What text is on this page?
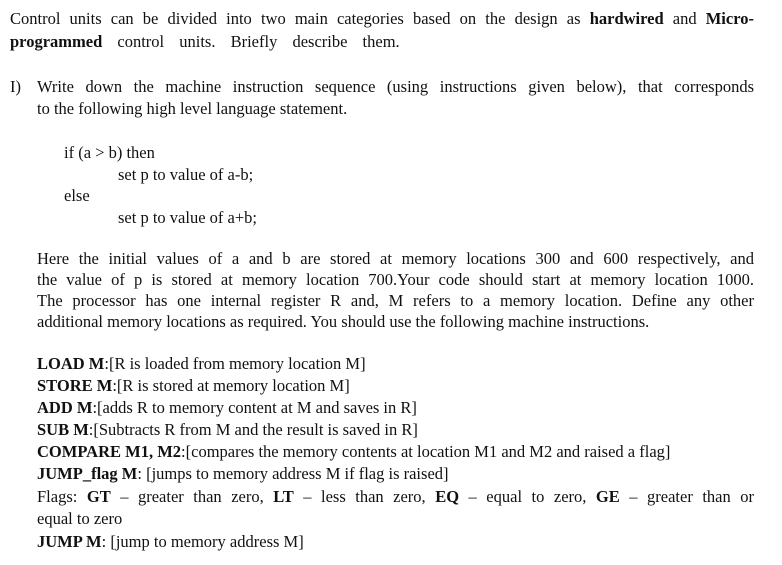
Control units can be divided into two main categories based on the design as hardwired and Micro-
programmed control units. Briefly describe them.
I) Write down the machine instruction sequence (using instructions given below), that corresponds
to the following high level language statement.
if (a > b) then
set p to value of a-b;
else
set p to value of a+b;
Here the initial values of a and b are stored at memory locations 300 and 600 respectively, and
the value of p is stored at memory location 700.Your code should start at memory location 1000.
The processor has one internal register R and, M refers to a memory location. Define any other
additional memory locations as required. You should use the following machine instructions.
LOAD M:[R is loaded from memory location M]
STORE M:[R is stored at memory location M]
ADD M:[adds R to memory content at M and saves in R]
SUB M:[Subtracts R from M and the result is saved in R]
COMPARE M1, M2:[compares the memory contents at location M1 and M2 and raised a flag]
JUMP_flag M: [jumps to memory address M if flag is raised]
Flags: GT – greater than zero, LT – less than zero, EQ – equal to zero, GE – greater than or
equal to zero
JUMP M: [jump to memory address M]
